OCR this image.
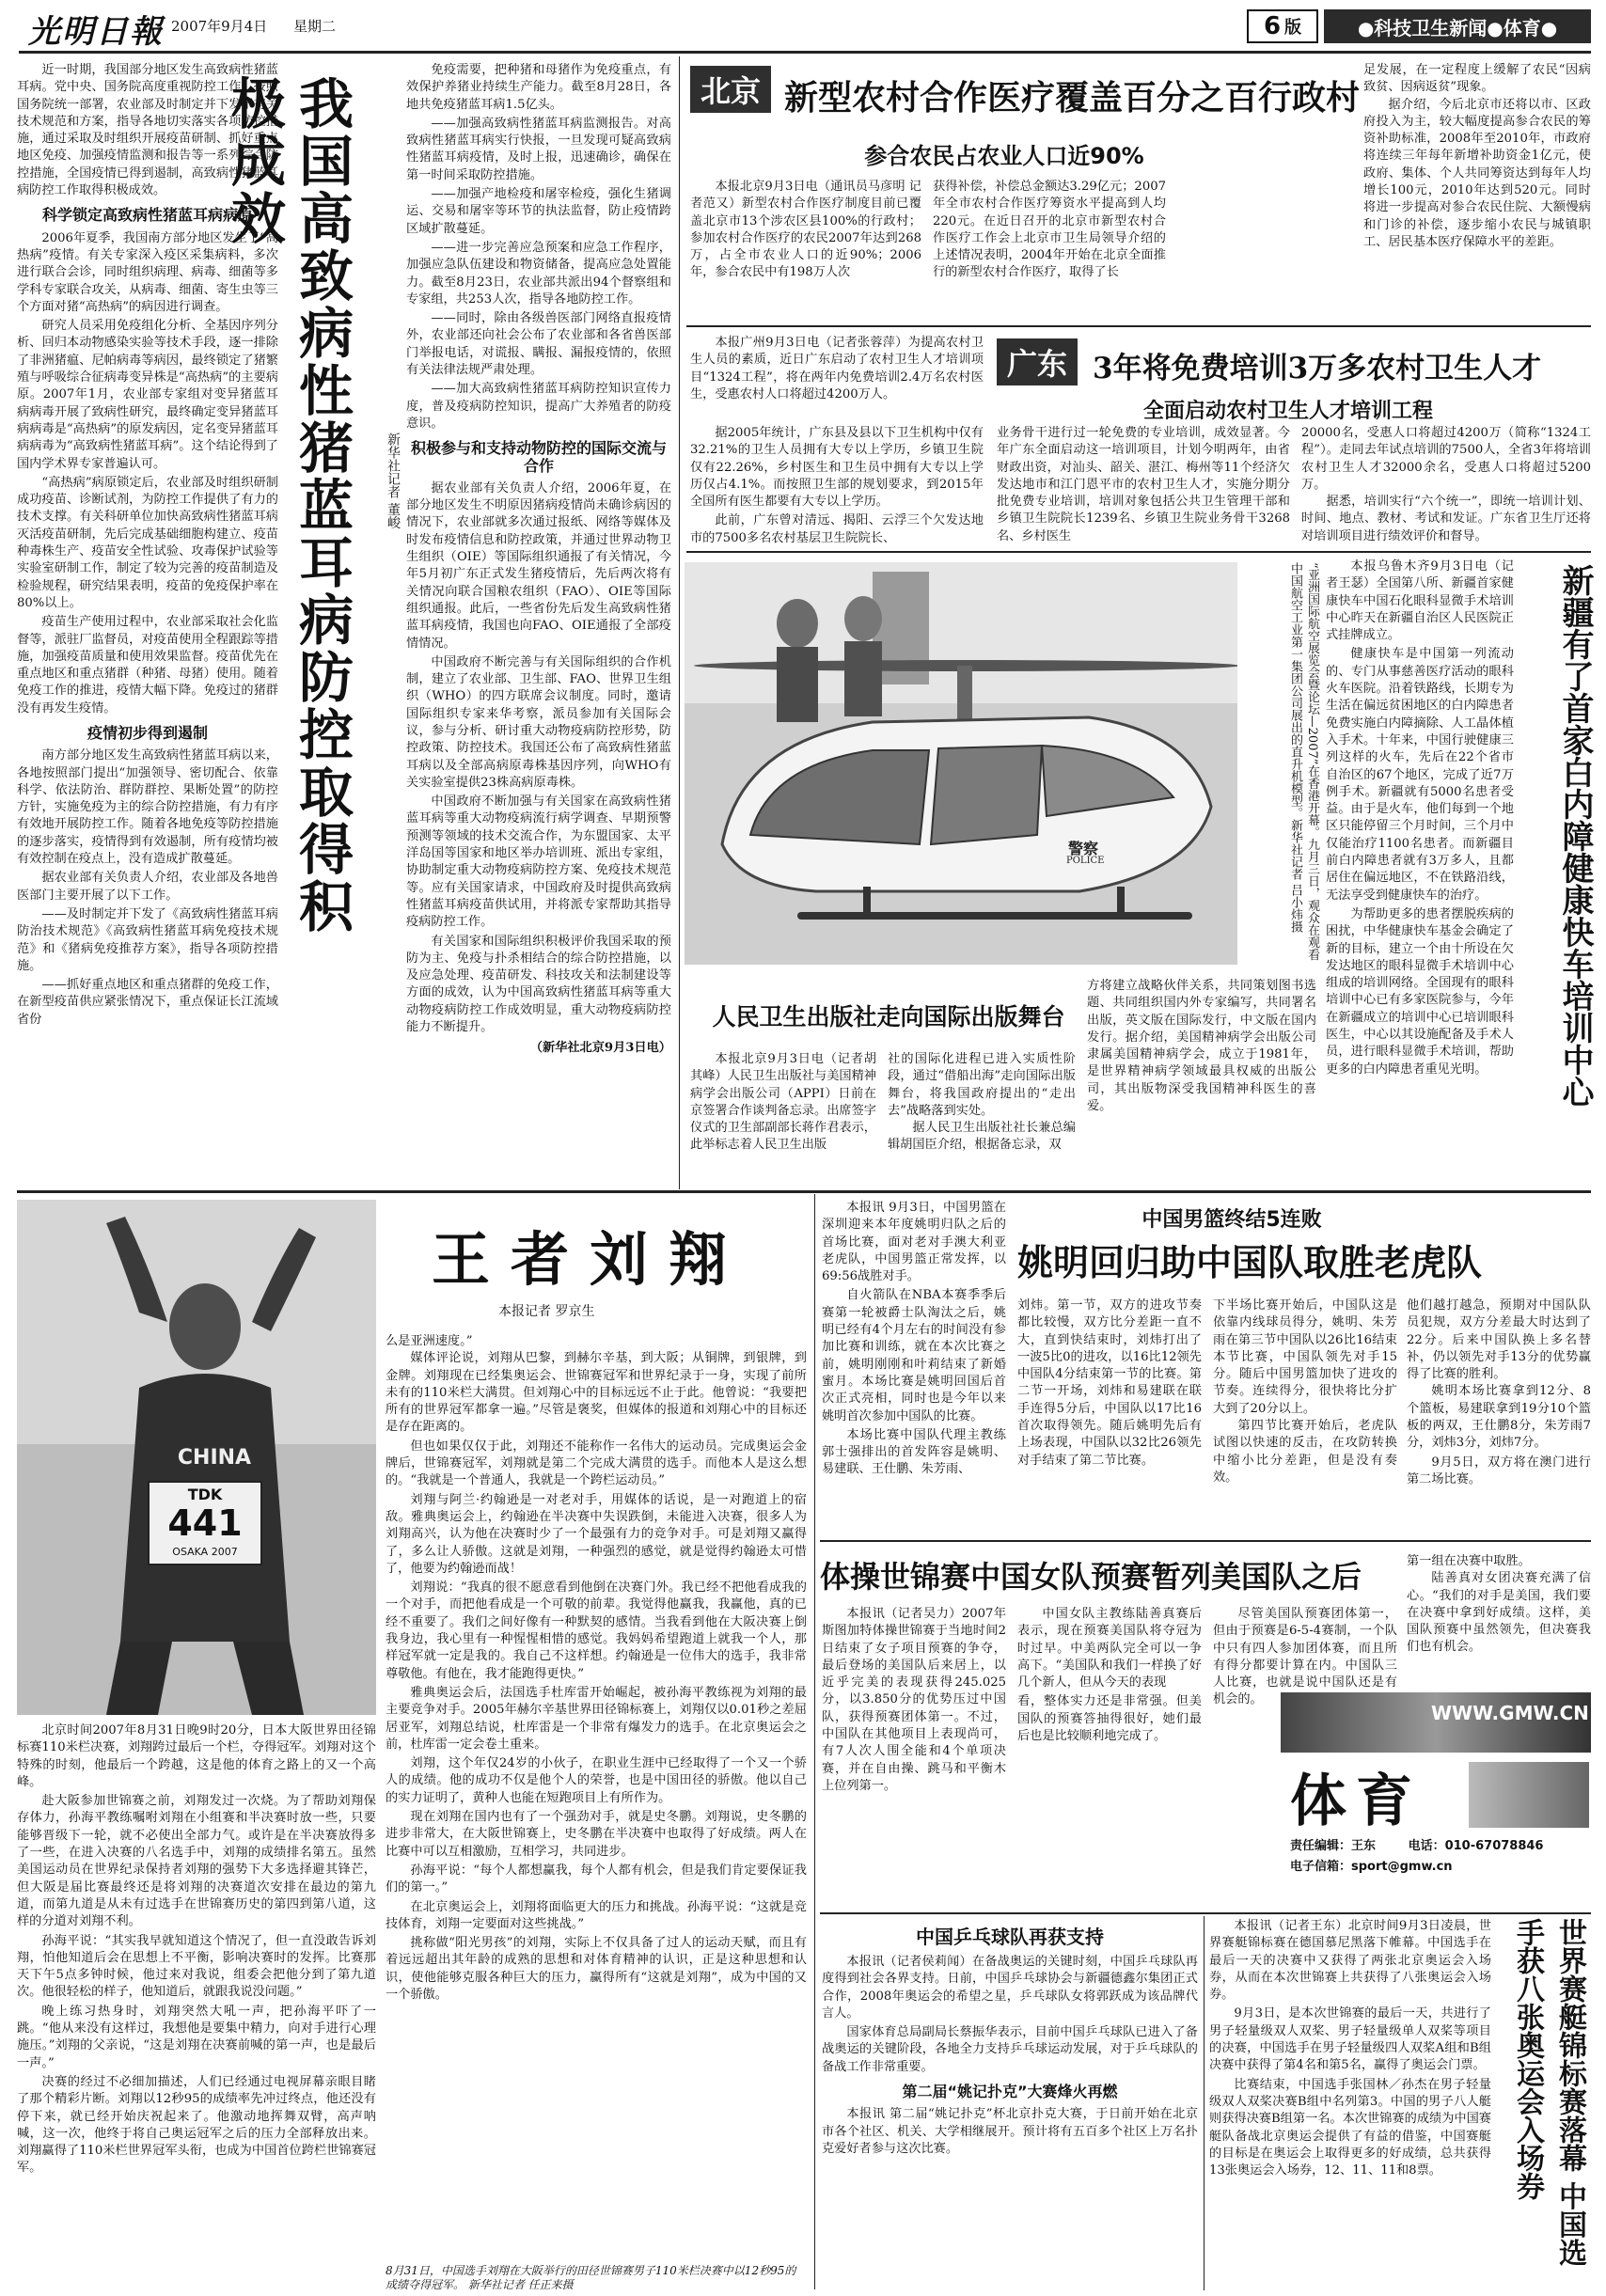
光明日報 2007年9月4日 星期二	6 版	●科技卫生新闻●体育●

近一时期，我国部分地区发生高致病性猪蓝耳病。党中央、国务院高度重视防控工作，按照国务院统一部署，农业部及时制定并下发了有关技术规范和方案，指导各地切实落实各项防控措施，通过采取及时组织开展疫苗研制、抓好重点地区免疫、加强疫情监测和报告等一系列综合防控措施，全国疫情已得到遏制，高致病性猪蓝耳病防控工作取得积极成效。

科学锁定高致病性猪蓝耳病病原

2006年夏季，我国南方部分地区发生了“高热病”疫情。有关专家深入疫区采集病料，多次进行联合会诊，同时组织病理、病毒、细菌等多学科专家联合攻关，从病毒、细菌、寄生虫等三个方面对猪“高热病”的病因进行调查。

研究人员采用免疫组化分析、全基因序列分析、回归本动物感染实验等技术手段，逐一排除了非洲猪瘟、尼帕病毒等病因，最终锁定了猪繁殖与呼吸综合征病毒变异株是“高热病”的主要病原。2007年1月，农业部专家组对变异猪蓝耳病病毒开展了致病性研究，最终确定变异猪蓝耳病病毒是“高热病”的原发病因，定名变异猪蓝耳病病毒为“高致病性猪蓝耳病”。这个结论得到了国内学术界专家普遍认可。

“高热病”病原锁定后，农业部及时组织研制成功疫苗、诊断试剂，为防控工作提供了有力的技术支撑。有关科研单位加快高致病性猪蓝耳病灭活疫苗研制，先后完成基础细胞构建立、疫苗种毒株生产、疫苗安全性试验、攻毒保护试验等实验室研制工作，制定了较为完善的疫苗制造及检验规程，研究结果表明，疫苗的免疫保护率在80%以上。

疫苗生产使用过程中，农业部采取社会化监督等，派驻厂监督员，对疫苗使用全程跟踪等措施，加强疫苗质量和使用效果监督。疫苗优先在重点地区和重点猪群（种猪、母猪）使用。随着免疫工作的推进，疫情大幅下降。免疫过的猪群没有再发生疫情。

疫情初步得到遏制

南方部分地区发生高致病性猪蓝耳病以来，各地按照部门提出“加强领导、密切配合、依靠科学、依法防治、群防群控、果断处置”的防控方针，实施免疫为主的综合防控措施，有力有序有效地开展防控工作。随着各地免疫等防控措施的逐步落实，疫情得到有效遏制，所有疫情均被有效控制在疫点上，没有造成扩散蔓延。

据农业部有关负责人介绍，农业部及各地兽医部门主要开展了以下工作。

——及时制定并下发了《高致病性猪蓝耳病防治技术规范》《高致病性猪蓝耳病免疫技术规范》和《猪病免疫推荐方案》，指导各项防控措施。

——抓好重点地区和重点猪群的免疫工作，在新型疫苗供应紧张情况下，重点保证长江流域省份

我国高致病性猪蓝耳病防控取得积极成效
新华社记者 董峻

免疫需要，把种猪和母猪作为免疫重点，有效保护养猪业持续生产能力。截至8月28日，各地共免疫猪蓝耳病1.5亿头。

——加强高致病性猪蓝耳病监测报告。对高致病性猪蓝耳病实行快报，一旦发现可疑高致病性猪蓝耳病疫情，及时上报，迅速确诊，确保在第一时间采取防控措施。

——加强产地检疫和屠宰检疫，强化生猪调运、交易和屠宰等环节的执法监督，防止疫情跨区域扩散蔓延。

——进一步完善应急预案和应急工作程序，加强应急队伍建设和物资储备，提高应急处置能力。截至8月23日，农业部共派出94个督察组和专家组，共253人次，指导各地防控工作。

——同时，除由各级兽医部门网络直报疫情外，农业部还向社会公布了农业部和各省兽医部门举报电话，对谎报、瞒报、漏报疫情的，依照有关法律法规严肃处理。

——加大高致病性猪蓝耳病防控知识宣传力度，普及疫病防控知识，提高广大养殖者的防疫意识。

积极参与和支持动物防控的国际交流与合作

据农业部有关负责人介绍，2006年夏，在部分地区发生不明原因猪病疫情尚未确诊病因的情况下，农业部就多次通过报纸、网络等媒体及时发布疫情信息和防控政策，并通过世界动物卫生组织（OIE）等国际组织通报了有关情况，今年5月初广东正式发生猪疫情后，先后两次将有关情况向联合国粮农组织（FAO）、OIE等国际组织通报。此后，一些省份先后发生高致病性猪蓝耳病疫情，我国也向FAO、OIE通报了全部疫情情况。

中国政府不断完善与有关国际组织的合作机制，建立了农业部、卫生部、FAO、世界卫生组织（WHO）的四方联席会议制度。同时，邀请国际组织专家来华考察，派员参加有关国际会议，参与分析、研讨重大动物疫病防控形势，防控政策、防控技术。我国还公布了高致病性猪蓝耳病以及全部高病原毒株基因序列，向WHO有关实验室提供23株高病原毒株。

中国政府不断加强与有关国家在高致病性猪蓝耳病等重大动物疫病流行病学调查、早期预警预测等领域的技术交流合作，为东盟国家、太平洋岛国等国家和地区举办培训班、派出专家组，协助制定重大动物疫病防控方案、免疫技术规范等。应有关国家请求，中国政府及时提供高致病性猪蓝耳病疫苗供试用，并将派专家帮助其指导疫病防控工作。

有关国家和国际组织积极评价我国采取的预防为主、免疫与扑杀相结合的综合防控措施，以及应急处理、疫苗研发、科技攻关和法制建设等方面的成效，认为中国高致病性猪蓝耳病等重大动物疫病防控工作成效明显，重大动物疫病防控能力不断提升。

（新华社北京9月3日电）
北京 新型农村合作医疗覆盖百分之百行政村
参合农民占农业人口近90%
本报北京9月3日电（通讯员马彦明 记者范又）新型农村合作医疗制度目前已覆盖北京市13个涉农区县100%的行政村；参加农村合作医疗的农民2007年达到268万，占全市农业人口的近90%；2006年，参合农民中有198万人次
获得补偿，补偿总金额达3.29亿元；2007年全市农村合作医疗筹资水平提高到人均220元。在近日召开的北京市新型农村合作医疗工作会上北京市卫生局领导介绍的上述情况表明，2004年开始在北京全面推行的新型农村合作医疗，取得了长
足发展，在一定程度上缓解了农民“因病致贫、因病返贫”现象。

据介绍，今后北京市还将以市、区政府投入为主，较大幅度提高参合农民的筹资补助标准，2008年至2010年，市政府将连续三年每年新增补助资金1亿元，使政府、集体、个人共同筹资达到每年人均增长100元，2010年达到520元。同时将进一步提高对参合农民住院、大额慢病和门诊的补偿，逐步缩小农民与城镇职工、居民基本医疗保障水平的差距。

本报广州9月3日电（记者张蓉萍）为提高农村卫生人员的素质，近日广东启动了农村卫生人才培训项目“1324工程”，将在两年内免费培训2.4万名农村医生，受惠农村人口将超过4200万人。
广东 3年将免费培训3万多农村卫生人才
全面启动农村卫生人才培训工程

据2005年统计，广东县及县以下卫生机构中仅有32.21%的卫生人员拥有大专以上学历，乡镇卫生院仅有22.26%，乡村医生和卫生员中拥有大专以上学历仅占4.1%。而按照卫生部的规划要求，到2015年全国所有医生都要有大专以上学历。

此前，广东曾对清远、揭阳、云浮三个欠发达地市的7500多名农村基层卫生院院长、

业务骨干进行过一轮免费的专业培训，成效显著。今年广东全面启动这一培训项目，计划今明两年，由省财政出资，对汕头、韶关、湛江、梅州等11个经济欠发达地市和江门恩平市的农村卫生人才，实施分期分批免费专业培训，培训对象包括公共卫生管理干部和乡镇卫生院院长1239名、乡镇卫生院业务骨干3268名、乡村医生
20000名，受惠人口将超过4200万（简称“1324工程”）。走同去年试点培训的7500人，全省3年将培训农村卫生人才32000余名，受惠人口将超过5200万。

据悉，培训实行“六个统一”，即统一培训计划、时间、地点、教材、考试和发证。广东省卫生厅还将对培训项目进行绩效评价和督导。

警察
POLICE	“亚洲国际航空展览会暨论坛—2007”在香港开幕。九月三日，观众在观看中国航空工业第一集团公司展出的直升机模型。新华社记者 吕小炜摄	本报乌鲁木齐9月3日电（记者王瑟）全国第八所、新疆首家健康快车中国石化眼科显微手术培训中心昨天在新疆自治区人民医院正式挂牌成立。

健康快车是中国第一列流动的、专门从事慈善医疗活动的眼科火车医院。沿着铁路线，长期专为生活在偏远贫困地区的白内障患者免费实施白内障摘除、人工晶体植入手术。十年来，中国行驶健康三列这样的火车，先后在22个省市自治区的67个地区，完成了近7万例手术。新疆就有5000名患者受益。由于是火车，他们每到一个地区只能停留三个月时间，三个月中仅能治疗1100名患者。而新疆目前白内障患者就有3万多人，且都居住在偏远地区，不在铁路沿线，无法享受到健康快车的治疗。

为帮助更多的患者摆脱疾病的困扰，中华健康快车基金会确定了新的目标，建立一个由十所设在欠发达地区的眼科显微手术培训中心组成的培训网络。全国现有的眼科培训中心已有多家医院参与，今年在新疆成立的培训中心已培训眼科医生，中心以其设施配备及手术人员，进行眼科显微手术培训，帮助更多的白内障患者重见光明。	新疆有了首家白内障健康快车培训中心
人民卫生出版社走向国际出版舞台
本报北京9月3日电（记者胡其峰）人民卫生出版社与美国精神病学会出版公司（APPI）日前在京签署合作谈判备忘录。出席签字仪式的卫生部副部长蒋作君表示，此举标志着人民卫生出版
社的国际化进程已进入实质性阶段，通过“借船出海”走向国际出版舞台，将我国政府提出的“走出去”战略落到实处。

据人民卫生出版社社长兼总编辑胡国臣介绍，根据备忘录，双

方将建立战略伙伴关系，共同策划图书选题、共同组织国内外专家编写，共同署名出版，英文版在国际发行，中文版在国内发行。据介绍，美国精神病学会出版公司隶属美国精神病学会，成立于1981年，是世界精神病学领域最具权威的出版公司，其出版物深受我国精神科医生的喜爱。
CHINA
TDK
441
OSAKA 2007
王者刘翔
本报记者 罗京生

北京时间2007年8月31日晚9时20分，日本大阪世界田径锦标赛110米栏决赛，刘翔跨过最后一个栏，夺得冠军。刘翔对这个特殊的时刻，他最后一个跨越，这是他的体育之路上的又一个高峰。

赴大阪参加世锦赛之前，刘翔发过一次烧。为了帮助刘翔保存体力，孙海平教练嘱咐刘翔在小组赛和半决赛时放一些，只要能够晋级下一轮，就不必使出全部力气。或许是在半决赛放得多了一些，在进入决赛的八名选手中，刘翔的成绩排名第五。虽然美国运动员在世界纪录保持者刘翔的强势下大多选择避其锋芒，但大阪是届比赛最终还是将刘翔的决赛道次安排在最边的第九道，而第九道是从未有过选手在世锦赛历史的第四到第八道，这样的分道对刘翔不利。

孙海平说：“其实我早就知道这个情况了，但一直没敢告诉刘翔，怕他知道后会在思想上不平衡，影响决赛时的发挥。比赛那天下午5点多钟时候，他过来对我说，组委会把他分到了第九道次。他很轻松的样子，他知道后，就跟我说没问题。”

晚上练习热身时，刘翔突然大吼一声，把孙海平吓了一跳。“他从来没有这样过，我想他是要集中精力，向对手进行心理施压。”刘翔的父亲说，“这是刘翔在决赛前喊的第一声，也是最后一声。”

决赛的经过不必细加描述，人们已经通过电视屏幕亲眼目睹了那个精彩片断。刘翔以12秒95的成绩率先冲过终点，他还没有停下来，就已经开始庆祝起来了。他激动地挥舞双臂，高声呐喊，这一次，他终于将自己奥运冠军之后的压力全部释放出来。刘翔赢得了110米栏世界冠军头衔，也成为中国首位跨栏世锦赛冠军。

么是亚洲速度。”

媒体评论说，刘翔从巴黎，到赫尔辛基，到大阪；从铜牌，到银牌，到金牌。刘翔现在已经集奥运会、世锦赛冠军和世界纪录于一身，实现了前所未有的110米栏大满贯。但刘翔心中的目标远远不止于此。他曾说：“我要把所有的世界冠军都拿一遍。”尽管是褒奖，但媒体的报道和刘翔心中的目标还是存在距离的。

但也如果仅仅于此，刘翔还不能称作一名伟大的运动员。完成奥运会金牌后，世锦赛冠军，刘翔就是第二个完成大满贯的选手。而他本人是这么想的。“我就是一个普通人，我就是一个跨栏运动员。”

刘翔与阿兰·约翰逊是一对老对手，用媒体的话说，是一对跑道上的宿敌。雅典奥运会上，约翰逊在半决赛中失误跌倒，未能进入决赛，很多人为刘翔高兴，认为他在决赛时少了一个最强有力的竞争对手。可是刘翔又赢得了，多么让人骄傲。这就是刘翔，一种强烈的感觉，就是觉得约翰逊太可惜了，他要为约翰逊而战！

刘翔说：“我真的很不愿意看到他倒在决赛门外。我已经不把他看成我的一个对手，而把他看成是一个可敬的前辈。我觉得他赢我，我赢他，真的已经不重要了。我们之间好像有一种默契的感情。当我看到他在大阪决赛上倒我身边，我心里有一种惺惺相惜的感觉。我妈妈希望跑道上就我一个人，那样冠军就一定是我的。我自己不这样想。约翰逊是一位伟大的选手，我非常尊敬他。有他在，我才能跑得更快。”

雅典奥运会后，法国选手杜库雷开始崛起，被孙海平教练视为刘翔的最主要竞争对手。2005年赫尔辛基世界田径锦标赛上，刘翔仅以0.01秒之差屈居亚军，刘翔总结说，杜库雷是一个非常有爆发力的选手。在北京奥运会之前，杜库雷一定会卷土重来。

刘翔，这个年仅24岁的小伙子，在职业生涯中已经取得了一个又一个骄人的成绩。他的成功不仅是他个人的荣誉，也是中国田径的骄傲。他以自己的实力证明了，黄种人也能在短跑项目上有所作为。

现在刘翔在国内也有了一个强劲对手，就是史冬鹏。刘翔说，史冬鹏的进步非常大，在大阪世锦赛上，史冬鹏在半决赛中也取得了好成绩。两人在比赛中可以互相激励，互相学习，共同进步。

孙海平说：“每个人都想赢我，每个人都有机会，但是我们肯定要保证我们的第一。”

在北京奥运会上，刘翔将面临更大的压力和挑战。孙海平说：“这就是竞技体育，刘翔一定要面对这些挑战。”

挑称做“阳光男孩”的刘翔，实际上不仅具备了过人的运动天赋，而且有着远远超出其年龄的成熟的思想和对体育精神的认识，正是这种思想和认识，使他能够克服各种巨大的压力，赢得所有“这就是刘翔”，成为中国的又一个骄傲。

8月31日，中国选手刘翔在大阪举行的田径世锦赛男子110米栏决赛中以12秒95的成绩夺得冠军。 新华社记者 任正来摄

本报讯 9月3日，中国男篮在深圳迎来本年度姚明归队之后的首场比赛，面对老对手澳大利亚老虎队，中国男篮正常发挥，以69:56战胜对手。

自火箭队在NBA本赛季季后赛第一轮被爵士队淘汰之后，姚明已经有4个月左右的时间没有参加比赛和训练，就在本次比赛之前，姚明刚刚和叶莉结束了新婚蜜月。本场比赛是姚明回国后首次正式亮相，同时也是今年以来姚明首次参加中国队的比赛。

本场比赛中国队代理主教练郭士强排出的首发阵容是姚明、易建联、王仕鹏、朱芳雨、

中国男篮终结5连败
姚明回归助中国队取胜老虎队
刘炜。第一节，双方的进攻节奏都比较慢，双方比分差距一直不大，直到快结束时，刘炜打出了一波5比0的进攻，以16比12领先中国队4分结束第一节的比赛。第二节一开场，刘炜和易建联在联手连得5分后，中国队以17比16首次取得领先。随后姚明先后有上场表现，中国队以32比26领先对手结束了第二节比赛。
下半场比赛开始后，中国队这是依靠内线球员得分，姚明、朱芳雨在第三节中国队以26比16结束本节比赛，中国队领先对手15分。随后中国男篮加快了进攻的节奏。连续得分，很快将比分扩大到了20分以上。

第四节比赛开始后，老虎队试图以快速的反击，在攻防转换中缩小比分差距，但是没有奏效。

他们越打越急，预期对中国队队员犯规，双方分差最大时达到了22分。后来中国队换上多名替补，仍以领先对手13分的优势赢得了比赛的胜利。

姚明本场比赛拿到12分、8个篮板，易建联拿到19分10个篮板的两双，王仕鹏8分，朱芳雨7分，刘炜3分，刘炜7分。

9月5日，双方将在澳门进行第二场比赛。

体操世锦赛中国女队预赛暂列美国队之后
本报讯（记者吴力）2007年斯图加特体操世锦赛于当地时间2日结束了女子项目预赛的争夺，最后登场的美国队后来居上，以近乎完美的表现获得245.025分，以3.850分的优势压过中国队，获得预赛团体第一。不过，中国队在其他项目上表现尚可，有7人次人围全能和4个单项决赛，并在自由操、跳马和平衡木上位列第一。

中国女队主教练陆善真赛后表示，现在预赛美国队将夺冠为时过早。中美两队完全可以一争高下。“美国队和我们一样换了好几个新人，但从今天的表现

看，整体实力还是非常强。但美国队的预赛答抽得很好，她们最后也是比较顺利地完成了。
尽管美国队预赛团体第一，但由于预赛是6-5-4赛制，一个队中只有四人参加团体赛，而且所有得分都要计算在内。中国队三人比赛，也就是说中国队还是有机会的。
第一组在决赛中取胜。

陆善真对女团决赛充满了信心。“我们的对手是美国，我们要在决赛中拿到好成绩。这样，美国队预赛中虽然领先，但决赛我们也有机会。

WWW.GMW.CN
体育
责任编辑：王东	电话：010-67078846
电子信箱：sport@gmw.cn
中国乒乓球队再获支持

本报讯（记者侯莉闻）在备战奥运的关键时刻，中国乒乓球队再度得到社会各界支持。日前，中国乒乓球协会与新疆德鑫尔集团正式合作，2008年奥运会的希望之星，乒乓球队女将郭跃成为该品牌代言人。

国家体育总局副局长蔡振华表示，目前中国乒乓球队已进入了备战奥运的关键阶段，各地全力支持乒乓球运动发展，对于乒乓球队的备战工作非常重要。

第二届“姚记扑克”大赛烽火再燃

本报讯 第二届“姚记扑克”杯北京扑克大赛，于日前开始在北京市各个社区、机关、大学相继展开。预计将有五百多个社区上万名扑克爱好者参与这次比赛。

本报讯（记者王东）北京时间9月3日凌晨，世界赛艇锦标赛在德国慕尼黑落下帷幕。中国选手在最后一天的决赛中又获得了两张北京奥运会入场券，从而在本次世锦赛上共获得了八张奥运会入场券。

9月3日，是本次世锦赛的最后一天，共进行了男子轻量级双人双桨、男子轻量级单人双桨等项目的决赛，中国选手在男子轻量级四人双桨A组和B组决赛中获得了第4名和第5名，赢得了奥运会门票。

比赛结束，中国选手张国林／孙杰在男子轻量级双人双桨决赛B组中名列第3。中国的男子八人艇则获得决赛B组第一名。本次世锦赛的成绩为中国赛艇队备战北京奥运会提供了有益的借鉴，中国赛艇的目标是在奥运会上取得更多的好成绩，总共获得13张奥运会入场券，12、11、11和8票。	世界赛艇锦标赛落幕 中国选手获八张奥运会入场券
